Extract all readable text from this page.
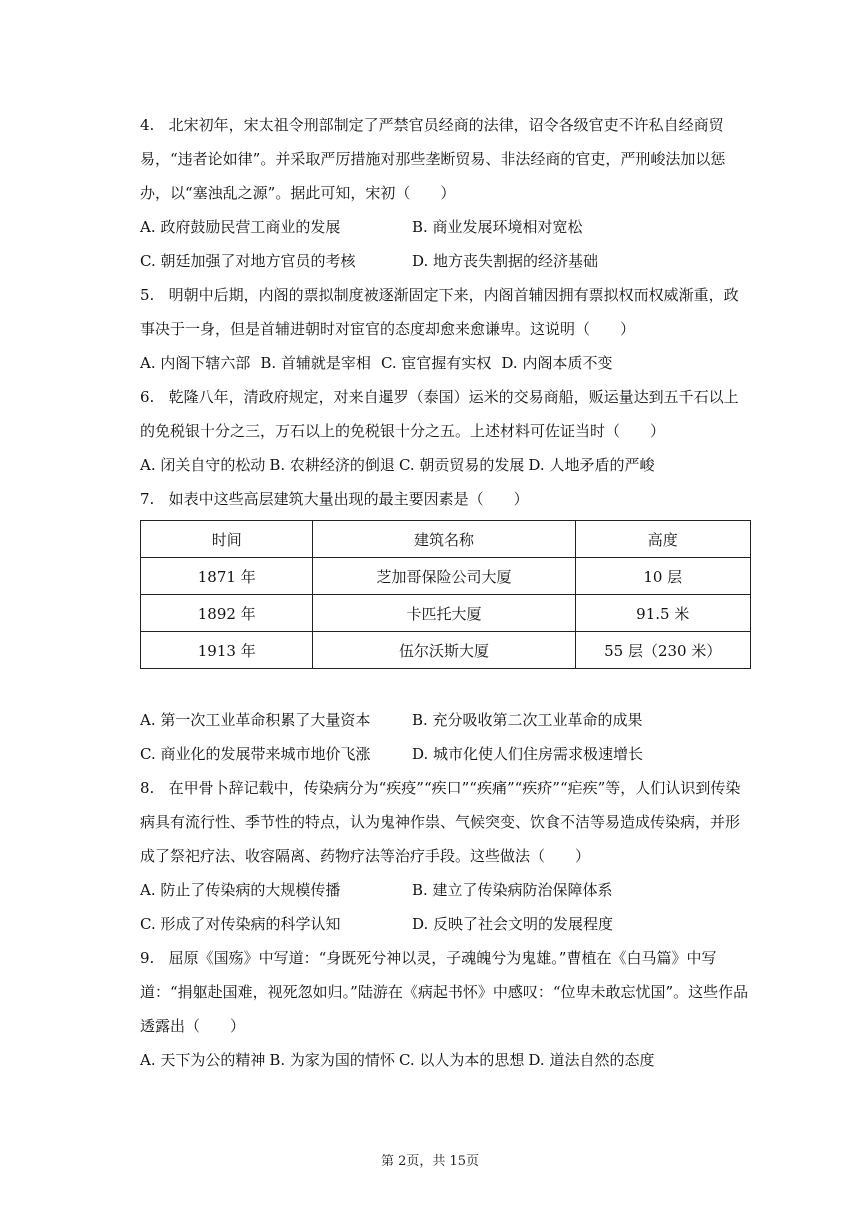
4. 北宋初年，宋太祖令刑部制定了严禁官员经商的法律，诏令各级官吏不许私自经商贸易，“违者论如律”。并采取严厉措施对那些垄断贸易、非法经商的官吏，严刑峻法加以惩办，以“塞浊乱之源”。据此可知，宋初（　　）

A. 政府鼓励民营工商业的发展	B. 商业发展环境相对宽松
C. 朝廷加强了对地方官员的考核	D. 地方丧失割据的经济基础

5. 明朝中后期，内阁的票拟制度被逐渐固定下来，内阁首辅因拥有票拟权而权威渐重，政事决于一身，但是首辅进朝时对宦官的态度却愈来愈谦卑。这说明（　　）

A. 内阁下辖六部 B. 首辅就是宰相 C. 宦官握有实权 D. 内阁本质不变

6. 乾隆八年，清政府规定，对来自暹罗（泰国）运米的交易商船，贩运量达到五千石以上的免税银十分之三，万石以上的免税银十分之五。上述材料可佐证当时（　　）

A. 闭关自守的松动 B. 农耕经济的倒退 C. 朝贡贸易的发展 D. 人地矛盾的严峻

7. 如表中这些高层建筑大量出现的最主要因素是（　　）

时间	建筑名称	高度
1871 年	芝加哥保险公司大厦	10 层
1892 年	卡匹托大厦	91.5 米
1913 年	伍尔沃斯大厦	55 层（230 米）
A. 第一次工业革命积累了大量资本	B. 充分吸收第二次工业革命的成果
C. 商业化的发展带来城市地价飞涨	D. 城市化使人们住房需求极速增长

8. 在甲骨卜辞记载中，传染病分为“疾疫”“疾口”“疾痛”“疾疥”“疟疾”等，人们认识到传染病具有流行性、季节性的特点，认为鬼神作祟、气候突变、饮食不洁等易造成传染病，并形成了祭祀疗法、收容隔离、药物疗法等治疗手段。这些做法（　　）

A. 防止了传染病的大规模传播	B. 建立了传染病防治保障体系
C. 形成了对传染病的科学认知	D. 反映了社会文明的发展程度

9. 屈原《国殇》中写道：“身既死兮神以灵，子魂魄兮为鬼雄。”曹植在《白马篇》中写道：“捐躯赴国难，视死忽如归。”陆游在《病起书怀》中感叹：“位卑未敢忘忧国”。这些作品透露出（　　）

A. 天下为公的精神 B. 为家为国的情怀 C. 以人为本的思想 D. 道法自然的态度
第 2页，共 15页
